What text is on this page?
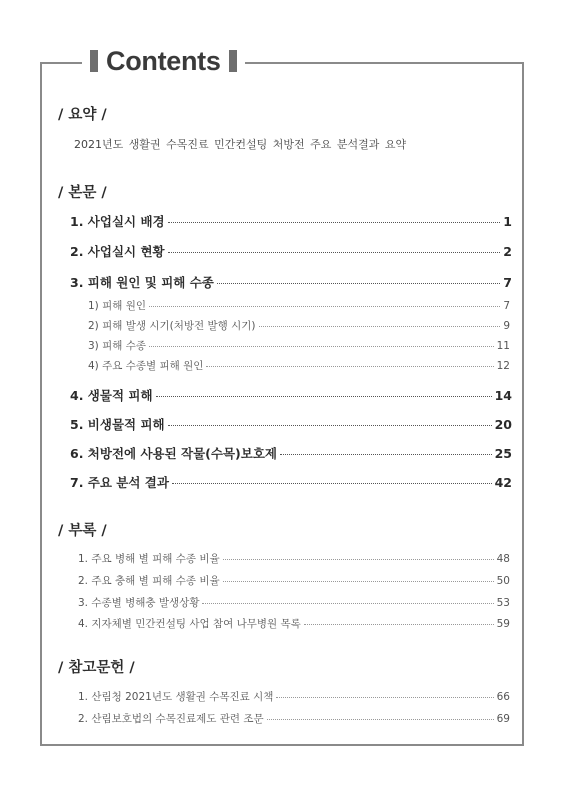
Contents
/ 요약 /
2021년도 생활권 수목진료 민간컨설팅 처방전 주요 분석결과 요약
/ 본문 /
1. 사업실시 배경	1
2. 사업실시 현황	2
3. 피해 원인 및 피해 수종	7
1) 피해 원인	7
2) 피해 발생 시기(처방전 발행 시기)	9
3) 피해 수종	11
4) 주요 수종별 피해 원인	12
4. 생물적 피해	14
5. 비생물적 피해	20
6. 처방전에 사용된 작물(수목)보호제	25
7. 주요 분석 결과	42
/ 부록 /
1. 주요 병해 별 피해 수종 비율	48
2. 주요 충해 별 피해 수종 비율	50
3. 수종별 병해충 발생상황	53
4. 지자체별 민간컨설팅 사업 참여 나무병원 목록	59
/ 참고문헌 /
1. 산림청 2021년도 생활권 수목진료 시책	66
2. 산림보호법의 수목진료제도 관련 조문	69
